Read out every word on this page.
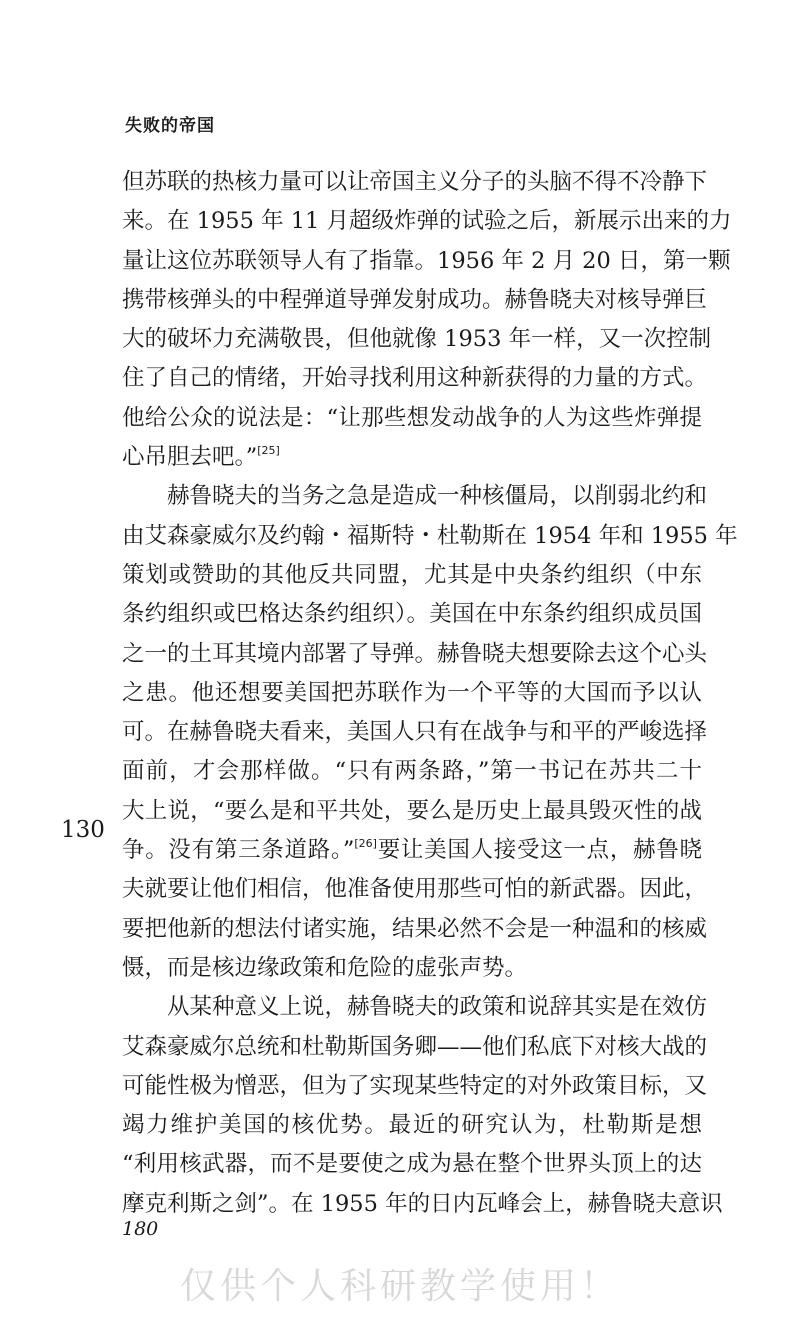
失败的帝国
130
但苏联的热核力量可以让帝国主义分子的头脑不得不冷静下
来。在 1955 年 11 月超级炸弹的试验之后，新展示出来的力
量让这位苏联领导人有了指靠。1956 年 2 月 20 日，第一颗
携带核弹头的中程弹道导弹发射成功。赫鲁晓夫对核导弹巨
大的破坏力充满敬畏，但他就像 1953 年一样，又一次控制
住了自己的情绪，开始寻找利用这种新获得的力量的方式。
他给公众的说法是：“让那些想发动战争的人为这些炸弹提
心吊胆去吧。”[25]
赫鲁晓夫的当务之急是造成一种核僵局，以削弱北约和
由艾森豪威尔及约翰・福斯特・杜勒斯在 1954 年和 1955 年
策划或赞助的其他反共同盟，尤其是中央条约组织（中东
条约组织或巴格达条约组织）。美国在中东条约组织成员国
之一的土耳其境内部署了导弹。赫鲁晓夫想要除去这个心头
之患。他还想要美国把苏联作为一个平等的大国而予以认
可。在赫鲁晓夫看来，美国人只有在战争与和平的严峻选择
面前，才会那样做。“只有两条路，”第一书记在苏共二十
大上说，“要么是和平共处，要么是历史上最具毁灭性的战
争。没有第三条道路。”[26]要让美国人接受这一点，赫鲁晓
夫就要让他们相信，他准备使用那些可怕的新武器。因此，
要把他新的想法付诸实施，结果必然不会是一种温和的核威
慑，而是核边缘政策和危险的虚张声势。
从某种意义上说，赫鲁晓夫的政策和说辞其实是在效仿
艾森豪威尔总统和杜勒斯国务卿——他们私底下对核大战的
可能性极为憎恶，但为了实现某些特定的对外政策目标，又
竭力维护美国的核优势。最近的研究认为，杜勒斯是想
“利用核武器，而不是要使之成为悬在整个世界头顶上的达
摩克利斯之剑”。在 1955 年的日内瓦峰会上，赫鲁晓夫意识
180
仅供个人科研教学使用！
